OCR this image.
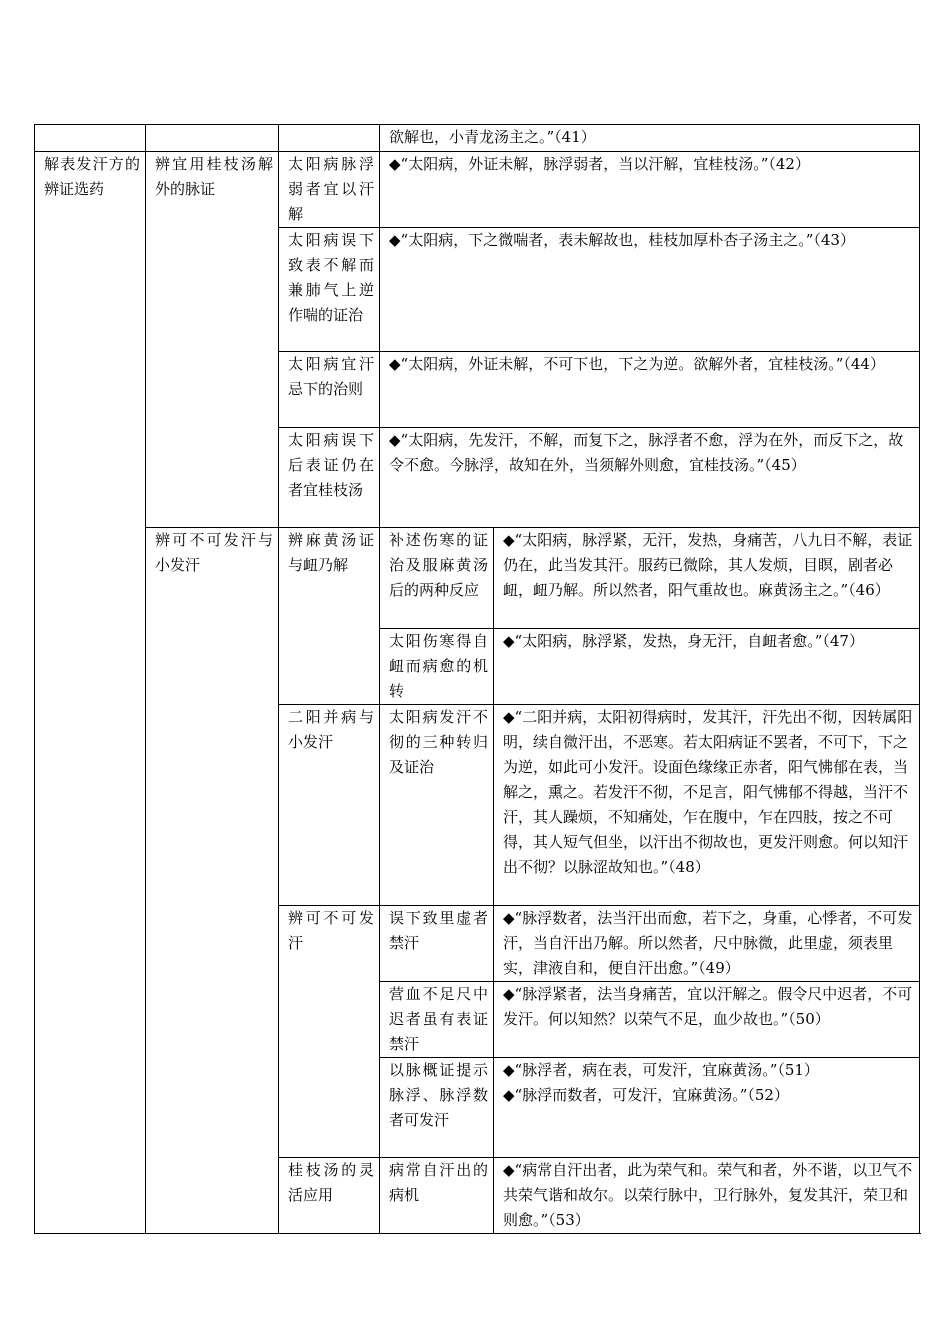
			欲解也，小青龙汤主之。”（41）	
解表发汗方的辨证选药	辨宜用桂枝汤解外的脉证	太阳病脉浮弱者宜以汗解	◆“太阳病，外证未解，脉浮弱者，当以汗解，宜桂枝汤。”（42）	
		太阳病误下致表不解而兼肺气上逆作喘的证治	◆“太阳病，下之微喘者，表未解故也，桂枝加厚朴杏子汤主之。”（43）	
		太阳病宜汗忌下的治则	◆“太阳病，外证未解，不可下也，下之为逆。欲解外者，宜桂枝汤。”（44）	
		太阳病误下后表证仍在者宜桂枝汤	◆“太阳病，先发汗，不解，而复下之，脉浮者不愈，浮为在外，而反下之，故令不愈。今脉浮，故知在外，当须解外则愈，宜桂技汤。”（45）	
	辨可不可发汗与小发汗	辨麻黄汤证与衄乃解	补述伤寒的证治及服麻黄汤后的两种反应	◆“太阳病，脉浮紧，无汗，发热，身痛苦，八九日不解，表证仍在，此当发其汗。服药已微除，其人发烦，目瞑，剧者必衄，衄乃解。所以然者，阳气重故也。麻黄汤主之。”（46）
			太阳伤寒得自衄而病愈的机转	◆“太阳病，脉浮紧，发热，身无汗，自衄者愈。”（47）
		二阳并病与小发汗	太阳病发汗不彻的三种转归及证治	◆“二阳并病，太阳初得病时，发其汗，汗先出不彻，因转属阳明，续自微汗出，不恶寒。若太阳病证不罢者，不可下，下之为逆，如此可小发汗。设面色缘缘正赤者，阳气怫郁在表，当解之，熏之。若发汗不彻，不足言，阳气怫郁不得越，当汗不汗，其人躁烦，不知痛处，乍在腹中，乍在四肢，按之不可得，其人短气但坐，以汗出不彻故也，更发汗则愈。何以知汗出不彻？以脉涩故知也。”（48）
		辨可不可发汗	误下致里虚者禁汗	◆“脉浮数者，法当汗出而愈，若下之，身重，心悸者，不可发汗，当自汗出乃解。所以然者，尺中脉微，此里虚，须表里实，津液自和，便自汗出愈。”（49）
			营血不足尺中迟者虽有表证禁汗	◆“脉浮紧者，法当身痛苦，宜以汗解之。假令尺中迟者，不可发汗。何以知然？以荣气不足，血少故也。”（50）
			以脉概证提示脉浮、脉浮数者可发汗	◆“脉浮者，病在表，可发汗，宜麻黄汤。”（51）
◆“脉浮而数者，可发汗，宜麻黄汤。”（52）

		桂枝汤的灵活应用	病常自汗出的病机	◆“病常自汗出者，此为荣气和。荣气和者，外不谐，以卫气不共荣气谐和故尔。以荣行脉中，卫行脉外，复发其汗，荣卫和则愈。”（53）
